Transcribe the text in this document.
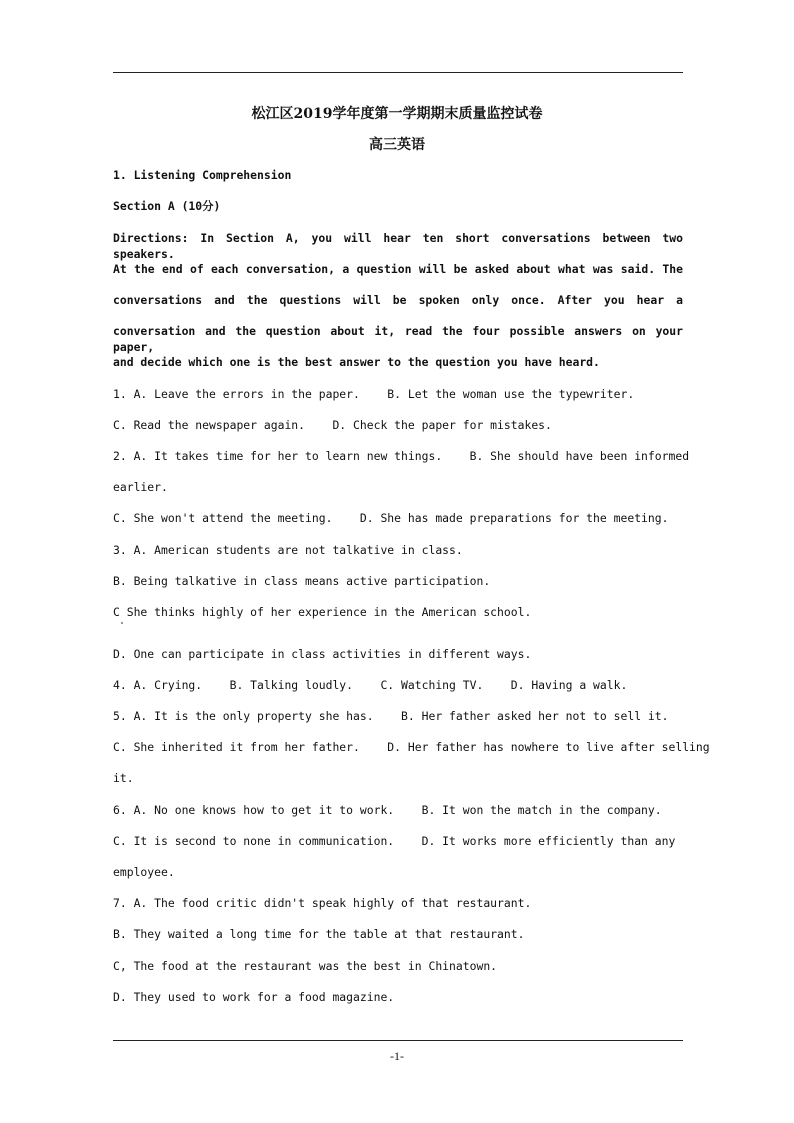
松江区2019学年度第一学期期末质量监控试卷
高三英语
1. Listening Comprehension
Section A (10分)
Directions: In Section A, you will hear ten short conversations between two speakers.
At the end of each conversation, a question will be asked about what was said. The
conversations and the questions will be spoken only once. After you hear a
conversation and the question about it, read the four possible answers on your paper,
and decide which one is the best answer to the question you have heard.
1. A. Leave the errors in the paper.    B. Let the woman use the typewriter.
C. Read the newspaper again.    D. Check the paper for mistakes.
2. A. It takes time for her to learn new things.    B. She should have been informed
earlier.
C. She won't attend the meeting.    D. She has made preparations for the meeting.
3. A. American students are not talkative in class.
B. Being talkative in class means active participation.
C She thinks highly of her experience in the American school.
D. One can participate in class activities in different ways.
4. A. Crying.    B. Talking loudly.    C. Watching TV.    D. Having a walk.
5. A. It is the only property she has.    B. Her father asked her not to sell it.
C. She inherited it from her father.    D. Her father has nowhere to live after selling
it.
6. A. No one knows how to get it to work.    B. It won the match in the company.
C. It is second to none in communication.    D. It works more efficiently than any
employee.
7. A. The food critic didn't speak highly of that restaurant.
B. They waited a long time for the table at that restaurant.
C, The food at the restaurant was the best in Chinatown.
D. They used to work for a food magazine.
-1-
